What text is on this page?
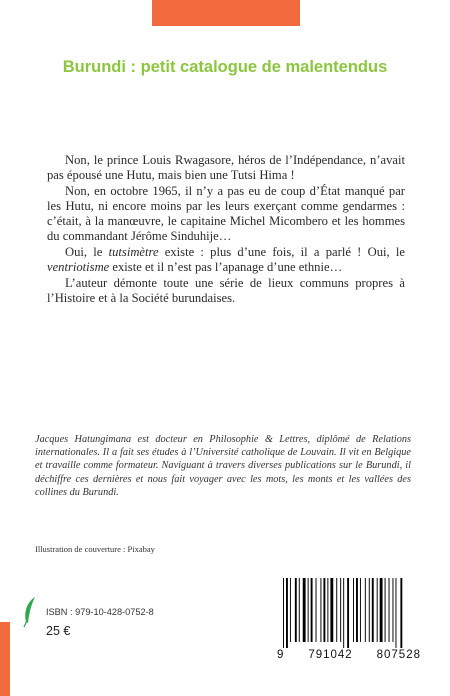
Burundi : petit catalogue de malentendus

Non, le prince Louis Rwagasore, héros de l’Indépendance, n’avait pas épousé une Hutu, mais bien une Tutsi Hima !

Non, en octobre 1965, il n’y a pas eu de coup d’État manqué par les Hutu, ni encore moins par les leurs exerçant comme gendarmes : c’était, à la manœuvre, le capitaine Michel Micombero et les hommes du commandant Jérôme Sinduhije…

Oui, le tutsimètre existe : plus d’une fois, il a parlé ! Oui, le ventriotisme existe et il n’est pas l’apanage d’une ethnie…

L’auteur démonte toute une série de lieux communs propres à l’Histoire et à la Société burundaises.

Jacques Hatungimana est docteur en Philosophie & Lettres, diplômé de Relations internationales. Il a fait ses études à l’Université catholique de Louvain. Il vit en Belgique et travaille comme formateur. Naviguant à travers diverses publications sur le Burundi, il déchiffre ces dernières et nous fait voyager avec les mots, les monts et les vallées des collines du Burundi.
Illustration de couverture : Pixabay
ISBN : 979-10-428-0752-8
25 €
9 791042 807528
